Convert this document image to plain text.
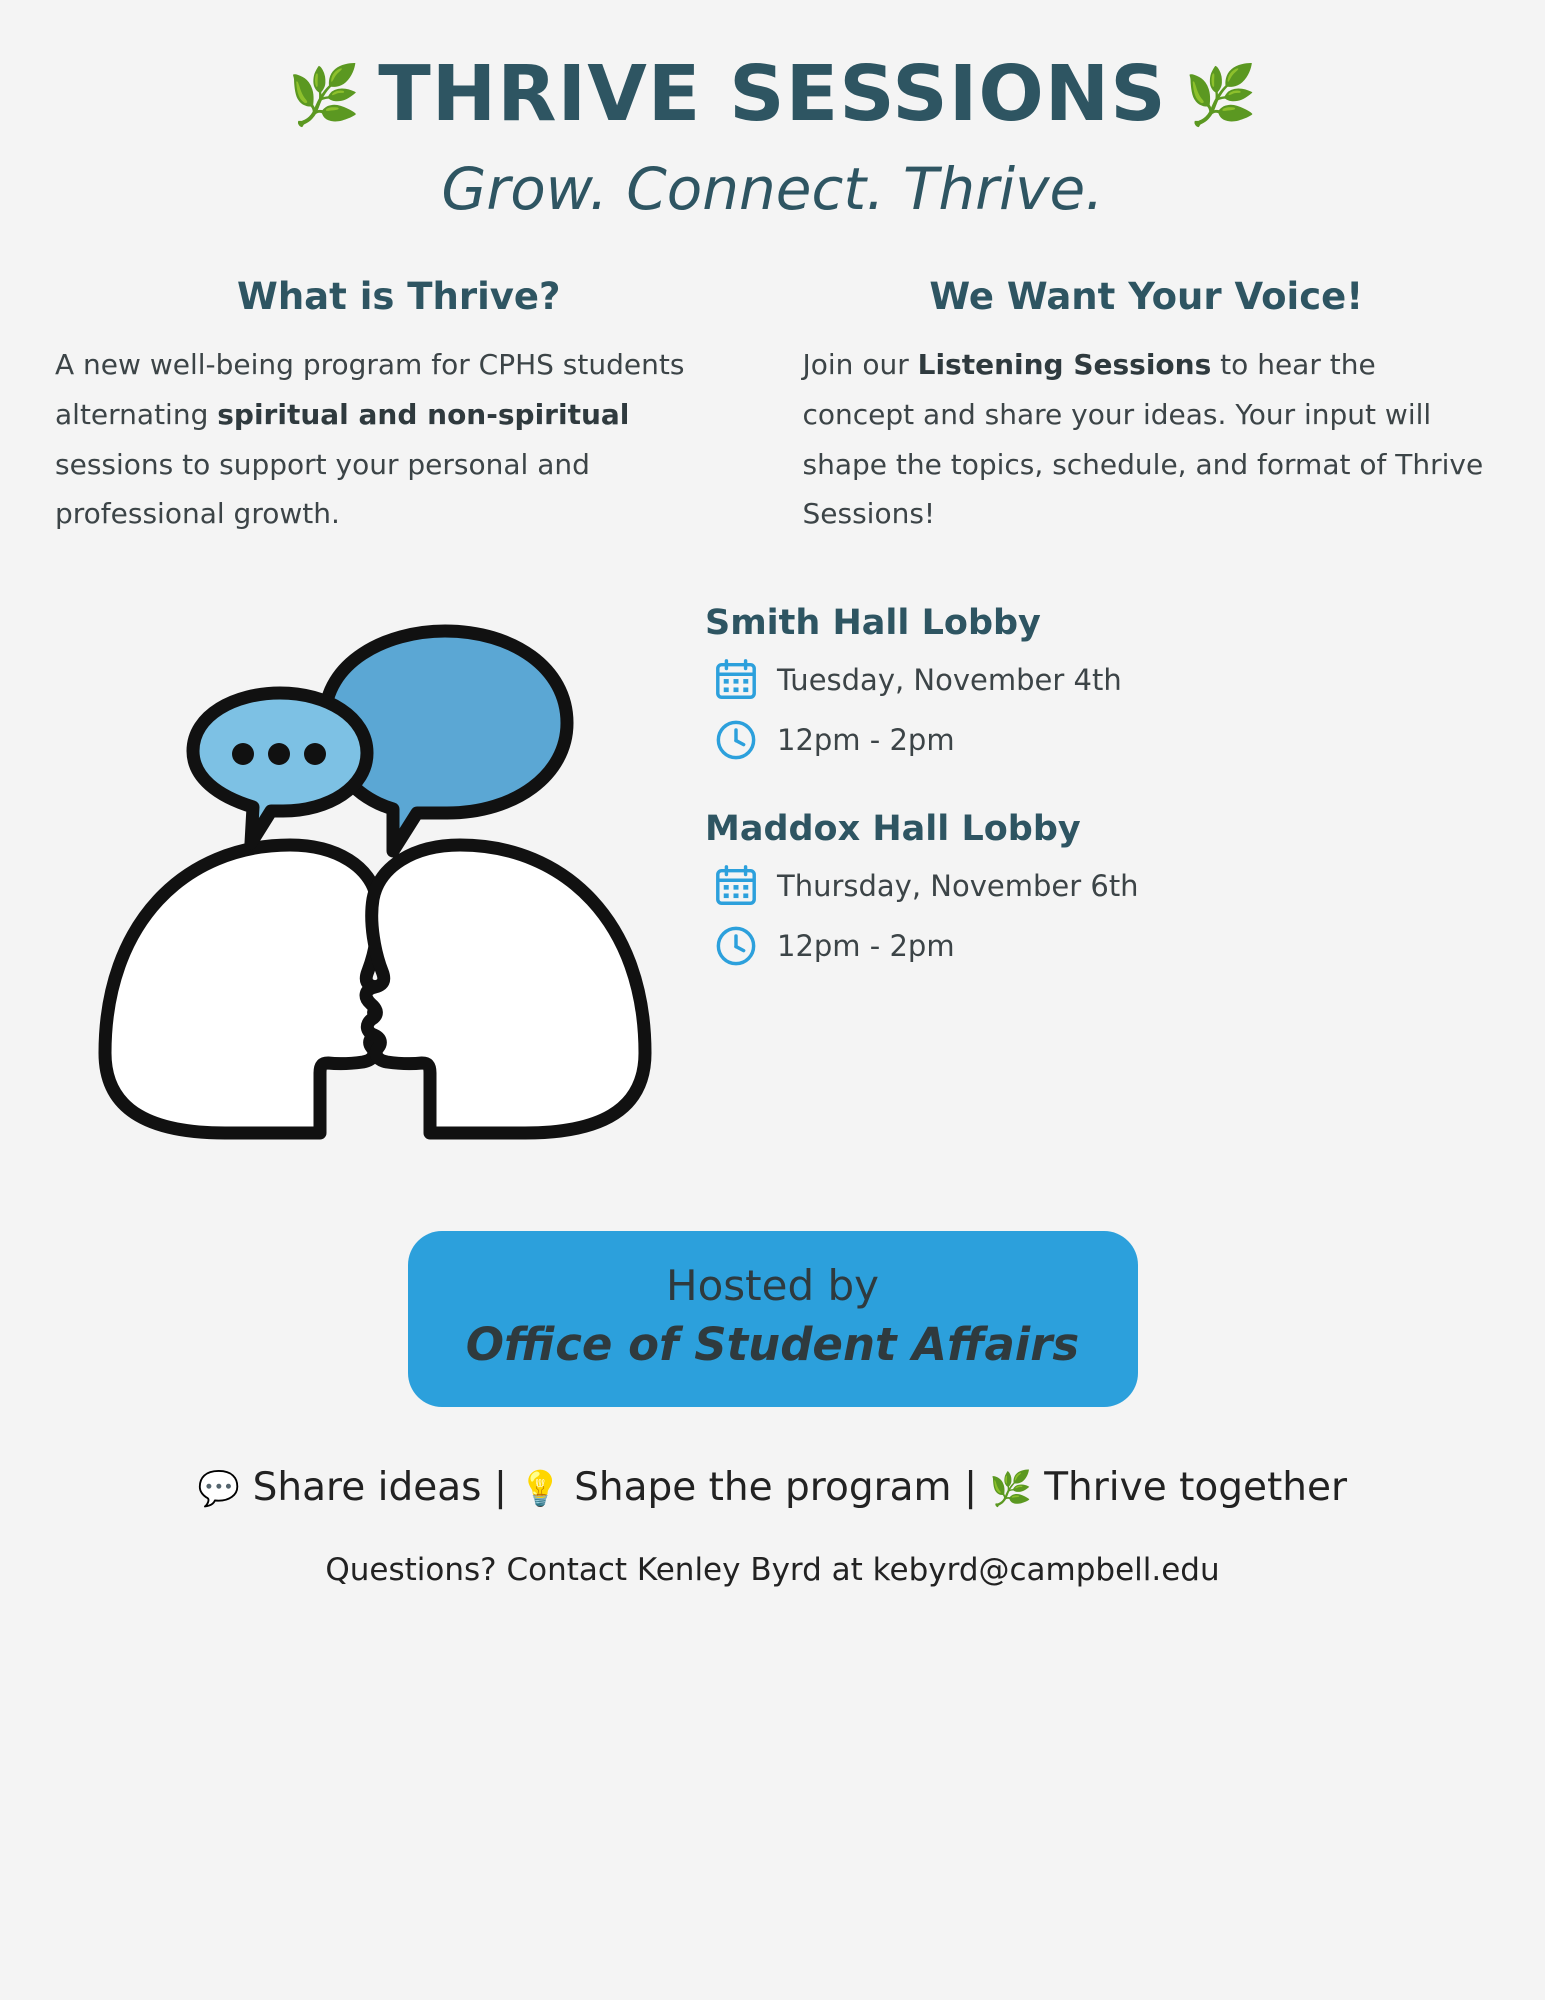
🌿 THRIVE SESSIONS 🌿
Grow. Connect. Thrive.
What is Thrive?
A new well-being program for CPHS students alternating spiritual and non-spiritual sessions to support your personal and professional growth.
We Want Your Voice!
Join our Listening Sessions to hear the concept and share your ideas. Your input will shape the topics, schedule, and format of Thrive Sessions!
Smith Hall Lobby
Tuesday, November 4th
12pm - 2pm
Maddox Hall Lobby
Thursday, November 6th
12pm - 2pm
Hosted by
Office of Student Affairs
💬 Share ideas | 💡 Shape the program | 🌿 Thrive together
Questions? Contact Kenley Byrd at kebyrd@campbell.edu
